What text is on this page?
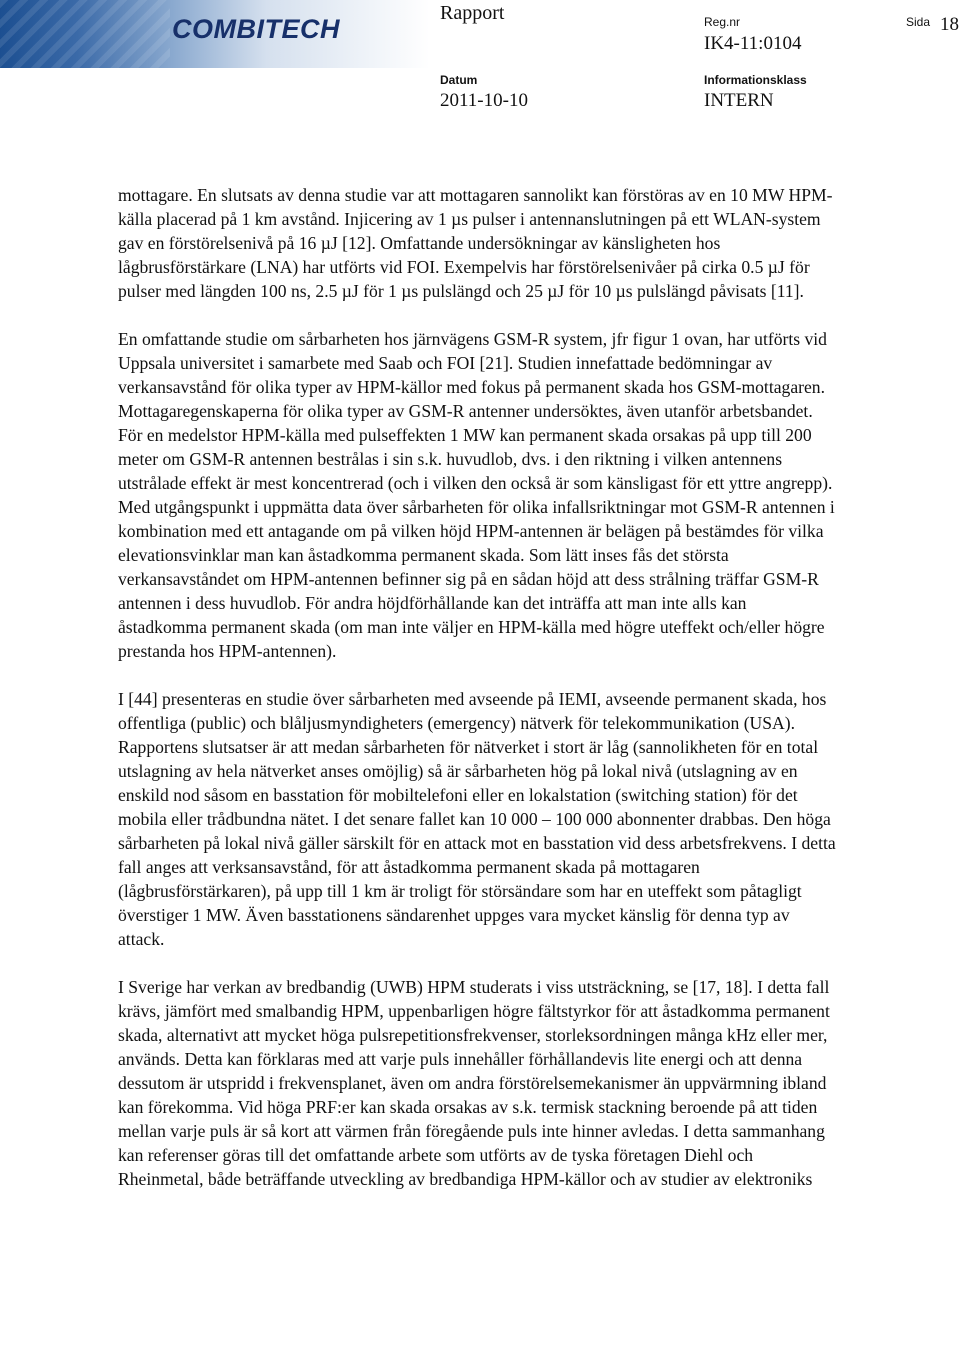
COMBITECH
Rapport	Reg.nr
IK4-11:0104
Sida 18
Datum
2011-10-10
Informationsklass
INTERN

mottagare. En slutsats av denna studie var att mottagaren sannolikt kan förstöras av en 10 MW HPM-källa placerad på 1 km avstånd. Injicering av 1 µs pulser i antennanslutningen på ett WLAN-system gav en förstörelsenivå på 16 µJ [12]. Omfattande undersökningar av känsligheten hos lågbrusförstärkare (LNA) har utförts vid FOI. Exempelvis har förstörelsenivåer på cirka 0.5 µJ för pulser med längden 100 ns, 2.5 µJ för 1 µs pulslängd och 25 µJ för 10 µs pulslängd påvisats [11].

En omfattande studie om sårbarheten hos järnvägens GSM-R system, jfr figur 1 ovan, har utförts vid Uppsala universitet i samarbete med Saab och FOI [21]. Studien innefattade bedömningar av verkansavstånd för olika typer av HPM-källor med fokus på permanent skada hos GSM-mottagaren. Mottagaregenskaperna för olika typer av GSM-R antenner undersöktes, även utanför arbetsbandet. För en medelstor HPM-källa med pulseffekten 1 MW kan permanent skada orsakas på upp till 200 meter om GSM-R antennen bestrålas i sin s.k. huvudlob, dvs. i den riktning i vilken antennens utstrålade effekt är mest koncentrerad (och i vilken den också är som känsligast för ett yttre angrepp). Med utgångspunkt i uppmätta data över sårbarheten för olika infallsriktningar mot GSM-R antennen i kombination med ett antagande om på vilken höjd HPM-antennen är belägen på bestämdes för vilka elevationsvinklar man kan åstadkomma permanent skada. Som lätt inses fås det största verkansavståndet om HPM-antennen befinner sig på en sådan höjd att dess strålning träffar GSM-R antennen i dess huvudlob. För andra höjdförhållande kan det inträffa att man inte alls kan åstadkomma permanent skada (om man inte väljer en HPM-källa med högre uteffekt och/eller högre prestanda hos HPM-antennen).

I [44] presenteras en studie över sårbarheten med avseende på IEMI, avseende permanent skada, hos offentliga (public) och blåljusmyndigheters (emergency) nätverk för telekommunikation (USA). Rapportens slutsatser är att medan sårbarheten för nätverket i stort är låg (sannolikheten för en total utslagning av hela nätverket anses omöjlig) så är sårbarheten hög på lokal nivå (utslagning av en enskild nod såsom en basstation för mobiltelefoni eller en lokalstation (switching station) för det mobila eller trådbundna nätet. I det senare fallet kan 10 000 – 100 000 abonnenter drabbas. Den höga sårbarheten på lokal nivå gäller särskilt för en attack mot en basstation vid dess arbetsfrekvens. I detta fall anges att verksansavstånd, för att åstadkomma permanent skada på mottagaren (lågbrusförstärkaren), på upp till 1 km är troligt för störsändare som har en uteffekt som påtagligt överstiger 1 MW. Även basstationens sändarenhet uppges vara mycket känslig för denna typ av attack.

I Sverige har verkan av bredbandig (UWB) HPM studerats i viss utsträckning, se [17, 18]. I detta fall krävs, jämfört med smalbandig HPM, uppenbarligen högre fältstyrkor för att åstadkomma permanent skada, alternativt att mycket höga pulsrepetitionsfrekvenser, storleksordningen många kHz eller mer, används. Detta kan förklaras med att varje puls innehåller förhållandevis lite energi och att denna dessutom är utspridd i frekvensplanet, även om andra förstörelsemekanismer än uppvärmning ibland kan förekomma. Vid höga PRF:er kan skada orsakas av s.k. termisk stackning beroende på att tiden mellan varje puls är så kort att värmen från föregående puls inte hinner avledas. I detta sammanhang kan referenser göras till det omfattande arbete som utförts av de tyska företagen Diehl och Rheinmetal, både beträffande utveckling av bredbandiga HPM-källor och av studier av elektroniks
